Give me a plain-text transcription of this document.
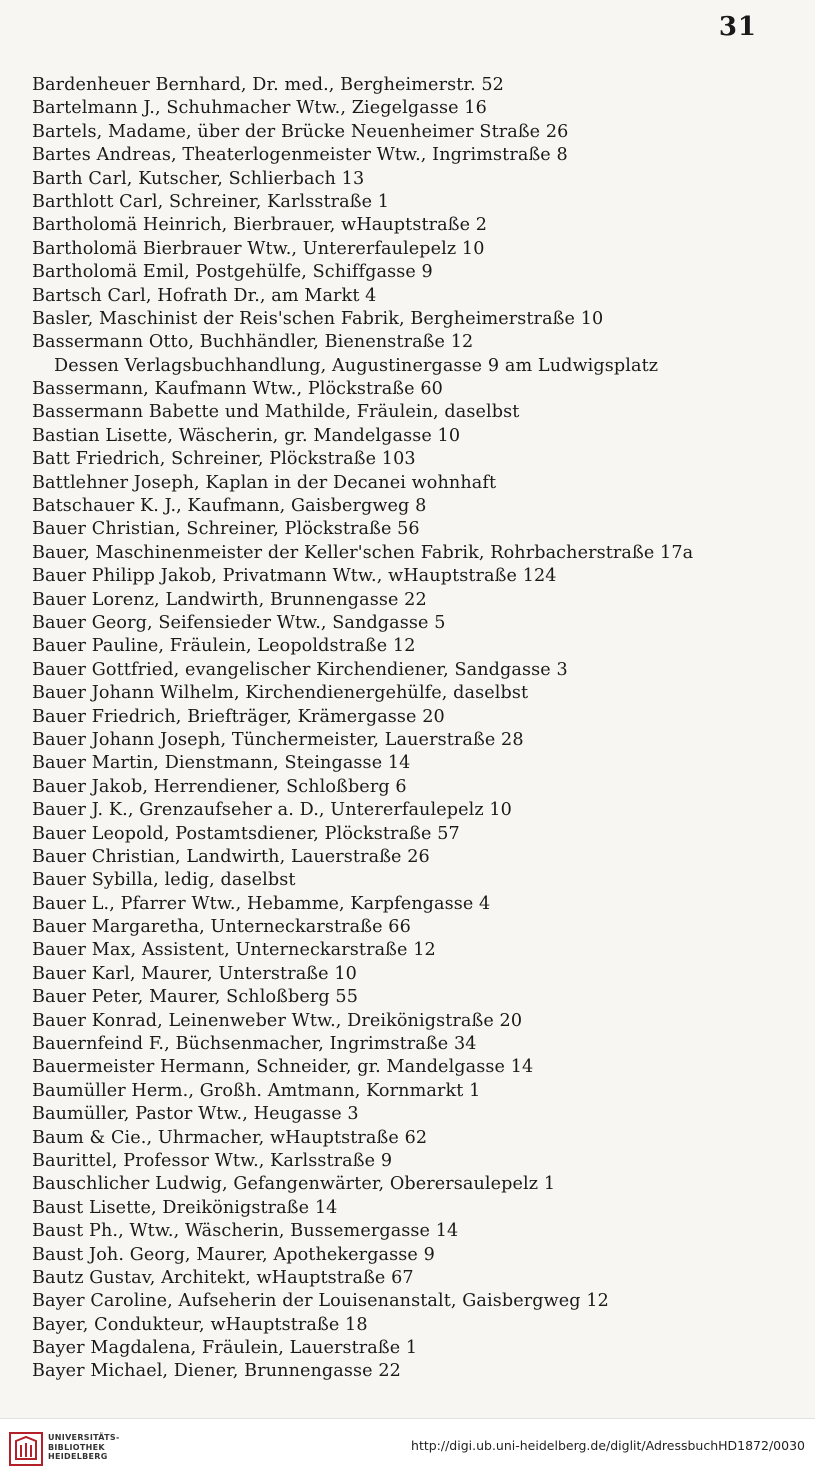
31
Bardenheuer Bernhard, Dr. med., Bergheimerstr. 52
Bartelmann J., Schuhmacher Wtw., Ziegelgasse 16
Bartels, Madame, über der Brücke Neuenheimer Straße 26
Bartes Andreas, Theaterlogenmeister Wtw., Ingrimstraße 8
Barth Carl, Kutscher, Schlierbach 13
Barthlott Carl, Schreiner, Karlsstraße 1
Bartholomä Heinrich, Bierbrauer, wHauptstraße 2
Bartholomä Bierbrauer Wtw., Untererfaulepelz 10
Bartholomä Emil, Postgehülfe, Schiffgasse 9
Bartsch Carl, Hofrath Dr., am Markt 4
Basler, Maschinist der Reis'schen Fabrik, Bergheimerstraße 10
Bassermann Otto, Buchhändler, Bienenstraße 12
Dessen Verlagsbuchhandlung, Augustinergasse 9 am Ludwigsplatz
Bassermann, Kaufmann Wtw., Plöckstraße 60
Bassermann Babette und Mathilde, Fräulein, daselbst
Bastian Lisette, Wäscherin, gr. Mandelgasse 10
Batt Friedrich, Schreiner, Plöckstraße 103
Battlehner Joseph, Kaplan in der Decanei wohnhaft
Batschauer K. J., Kaufmann, Gaisbergweg 8
Bauer Christian, Schreiner, Plöckstraße 56
Bauer, Maschinenmeister der Keller'schen Fabrik, Rohrbacherstraße 17a
Bauer Philipp Jakob, Privatmann Wtw., wHauptstraße 124
Bauer Lorenz, Landwirth, Brunnengasse 22
Bauer Georg, Seifensieder Wtw., Sandgasse 5
Bauer Pauline, Fräulein, Leopoldstraße 12
Bauer Gottfried, evangelischer Kirchendiener, Sandgasse 3
Bauer Johann Wilhelm, Kirchendienergehülfe, daselbst
Bauer Friedrich, Briefträger, Krämergasse 20
Bauer Johann Joseph, Tünchermeister, Lauerstraße 28
Bauer Martin, Dienstmann, Steingasse 14
Bauer Jakob, Herrendiener, Schloßberg 6
Bauer J. K., Grenzaufseher a. D., Untererfaulepelz 10
Bauer Leopold, Postamtsdiener, Plöckstraße 57
Bauer Christian, Landwirth, Lauerstraße 26
Bauer Sybilla, ledig, daselbst
Bauer L., Pfarrer Wtw., Hebamme, Karpfengasse 4
Bauer Margaretha, Unterneckarstraße 66
Bauer Max, Assistent, Unterneckarstraße 12
Bauer Karl, Maurer, Unterstraße 10
Bauer Peter, Maurer, Schloßberg 55
Bauer Konrad, Leinenweber Wtw., Dreikönigstraße 20
Bauernfeind F., Büchsenmacher, Ingrimstraße 34
Bauermeister Hermann, Schneider, gr. Mandelgasse 14
Baumüller Herm., Großh. Amtmann, Kornmarkt 1
Baumüller, Pastor Wtw., Heugasse 3
Baum & Cie., Uhrmacher, wHauptstraße 62
Baurittel, Professor Wtw., Karlsstraße 9
Bauschlicher Ludwig, Gefangenwärter, Oberersaulepelz 1
Baust Lisette, Dreikönigstraße 14
Baust Ph., Wtw., Wäscherin, Bussemergasse 14
Baust Joh. Georg, Maurer, Apothekergasse 9
Bautz Gustav, Architekt, wHauptstraße 67
Bayer Caroline, Aufseherin der Louisenanstalt, Gaisbergweg 12
Bayer, Condukteur, wHauptstraße 18
Bayer Magdalena, Fräulein, Lauerstraße 1
Bayer Michael, Diener, Brunnengasse 22
UNIVERSITÄTS-
BIBLIOTHEK
HEIDELBERG
http://digi.ub.uni-heidelberg.de/diglit/AdressbuchHD1872/0030
